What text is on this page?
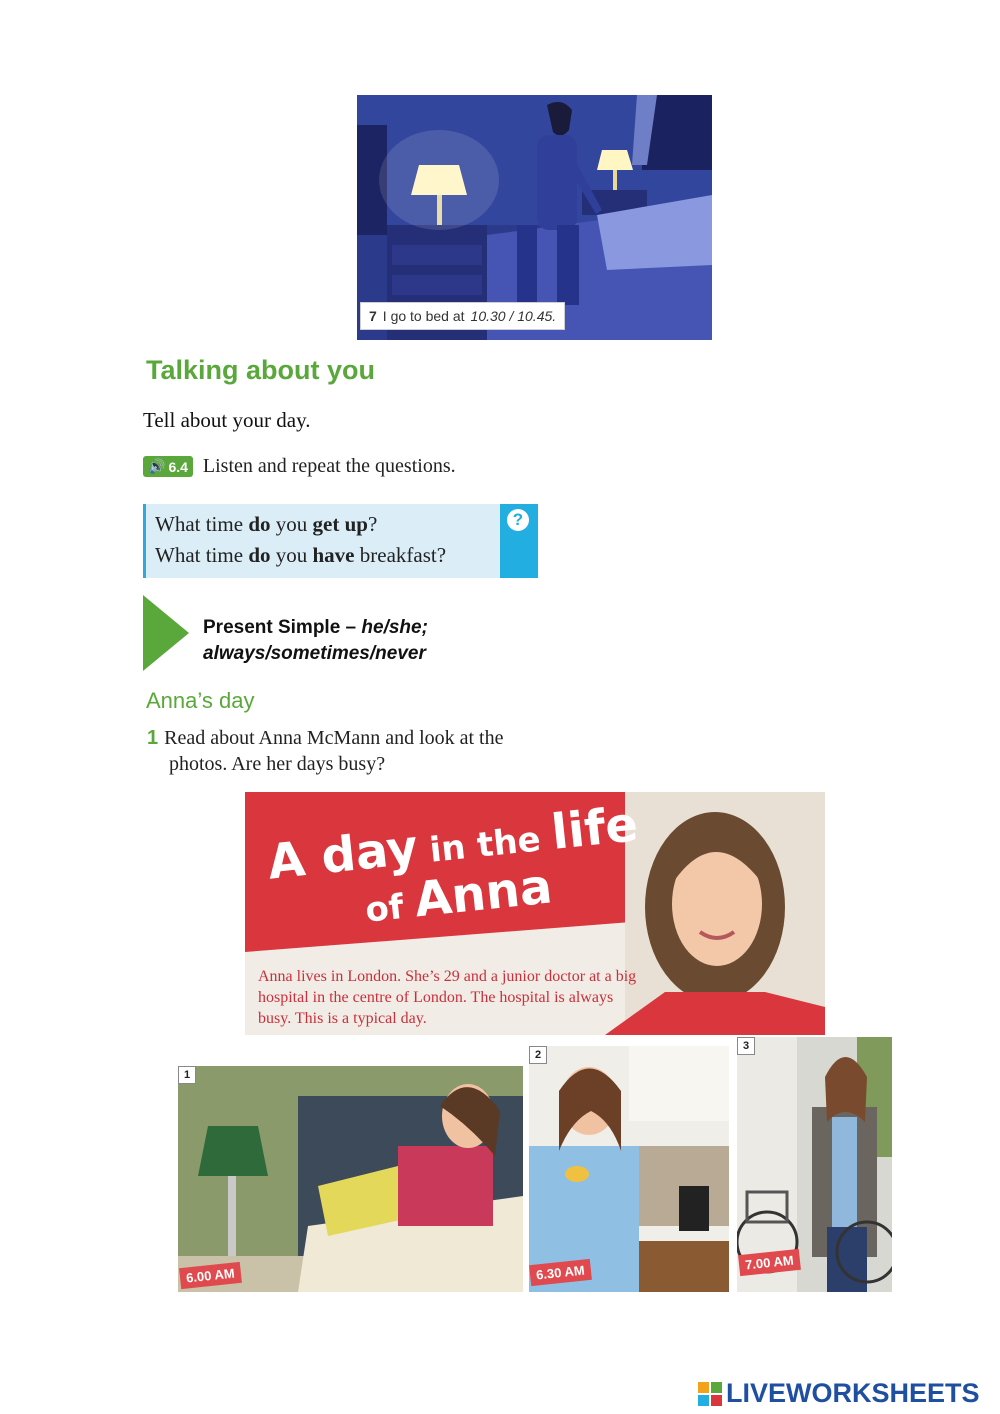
7 I go to bed at 10.30 / 10.45.
Talking about you
Tell about your day.
🔊 6.4 Listen and repeat the questions.
?
What time do you get up?
What time do you have breakfast?
Present Simple – he/she;
always/sometimes/never
Anna’s day
1 Read about Anna McMann and look at the
photos. Are her days busy?
A day in the life
of Anna
Anna lives in London. She’s 29 and a junior doctor at a big hospital in the centre of London. The hospital is always busy. This is a typical day.
1
6.00 AM
2
6.30 AM
3
7.00 AM
LIVEWORKSHEETS
